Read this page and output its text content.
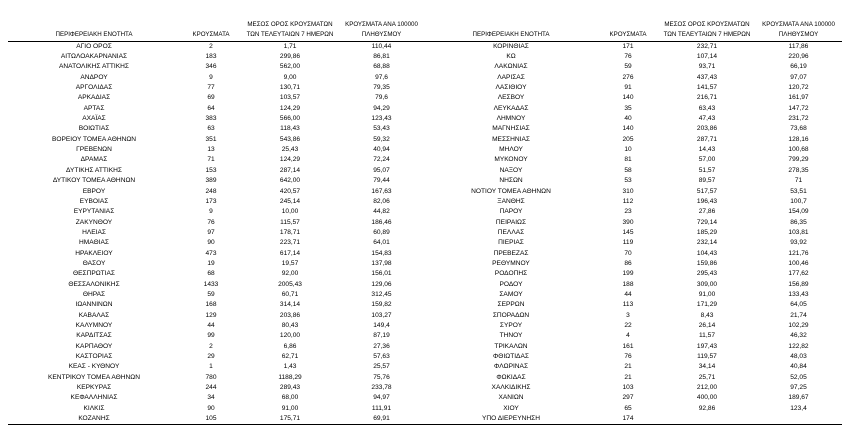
ΠΕΡΙΦΕΡΕΙΑΚΗ ΕΝΟΤΗΤΑ	ΚΡΟΥΣΜΑΤΑ	ΜΕΣΟΣ ΟΡΟΣ ΚΡΟΥΣΜΑΤΩΝ
ΤΩΝ ΤΕΛΕΥΤΑΙΩΝ 7 ΗΜΕΡΩΝ	ΚΡΟΥΣΜΑΤΑ ΑΝΑ 100000
ΠΛΗΘΥΣΜΟΥ

ΑΓΙΟ ΟΡΟΣ	2	1,71	110,44
ΑΙΤΩΛΟΑΚΑΡΝΑΝΙΑΣ	183	299,86	86,81
ΑΝΑΤΟΛΙΚΗΣ ΑΤΤΙΚΗΣ	346	562,00	68,88
ΑΝΔΡΟΥ	9	9,00	97,6
ΑΡΓΟΛΙΔΑΣ	77	130,71	79,35
ΑΡΚΑΔΙΑΣ	69	103,57	79,6
ΑΡΤΑΣ	64	124,29	94,29
ΑΧΑΪΑΣ	383	566,00	123,43
ΒΟΙΩΤΙΑΣ	63	118,43	53,43
ΒΟΡΕΙΟΥ ΤΟΜΕΑ ΑΘΗΝΩΝ	351	543,86	59,32
ΓΡΕΒΕΝΩΝ	13	25,43	40,94
ΔΡΑΜΑΣ	71	124,29	72,24
ΔΥΤΙΚΗΣ ΑΤΤΙΚΗΣ	153	287,14	95,07
ΔΥΤΙΚΟΥ ΤΟΜΕΑ ΑΘΗΝΩΝ	389	642,00	79,44
ΕΒΡΟΥ	248	420,57	167,63
ΕΥΒΟΙΑΣ	173	245,14	82,06
ΕΥΡΥΤΑΝΙΑΣ	9	10,00	44,82
ΖΑΚΥΝΘΟΥ	76	115,57	186,46
ΗΛΕΙΑΣ	97	178,71	60,89
ΗΜΑΘΙΑΣ	90	223,71	64,01
ΗΡΑΚΛΕΙΟΥ	473	617,14	154,83
ΘΑΣΟΥ	19	19,57	137,98
ΘΕΣΠΡΩΤΙΑΣ	68	92,00	156,01
ΘΕΣΣΑΛΟΝΙΚΗΣ	1433	2005,43	129,06
ΘΗΡΑΣ	59	60,71	312,45
ΙΩΑΝΝΙΝΩΝ	168	314,14	159,82
ΚΑΒΑΛΑΣ	129	203,86	103,27
ΚΑΛΥΜΝΟΥ	44	80,43	149,4
ΚΑΡΔΙΤΣΑΣ	99	120,00	87,19
ΚΑΡΠΑΘΟΥ	2	6,86	27,36
ΚΑΣΤΟΡΙΑΣ	29	62,71	57,63
ΚΕΑΣ - ΚΥΘΝΟΥ	1	1,43	25,57
ΚΕΝΤΡΙΚΟΥ ΤΟΜΕΑ ΑΘΗΝΩΝ	780	1188,29	75,76
ΚΕΡΚΥΡΑΣ	244	289,43	233,78
ΚΕΦΑΛΛΗΝΙΑΣ	34	68,00	94,97
ΚΙΛΚΙΣ	90	91,00	111,91
ΚΟΖΑΝΗΣ	105	175,71	69,91
ΠΕΡΙΦΕΡΕΙΑΚΗ ΕΝΟΤΗΤΑ	ΚΡΟΥΣΜΑΤΑ	ΜΕΣΟΣ ΟΡΟΣ ΚΡΟΥΣΜΑΤΩΝ
ΤΩΝ ΤΕΛΕΥΤΑΙΩΝ 7 ΗΜΕΡΩΝ	ΚΡΟΥΣΜΑΤΑ ΑΝΑ 100000
ΠΛΗΘΥΣΜΟΥ

ΚΟΡΙΝΘΙΑΣ	171	232,71	117,86
ΚΩ	76	107,14	220,96
ΛΑΚΩΝΙΑΣ	59	93,71	66,19
ΛΑΡΙΣΑΣ	276	437,43	97,07
ΛΑΣΙΘΙΟΥ	91	141,57	120,72
ΛΕΣΒΟΥ	140	216,71	161,97
ΛΕΥΚΑΔΑΣ	35	63,43	147,72
ΛΗΜΝΟΥ	40	47,43	231,72
ΜΑΓΝΗΣΙΑΣ	140	203,86	73,68
ΜΕΣΣΗΝΙΑΣ	205	287,71	128,16
ΜΗΛΟΥ	10	14,43	100,68
ΜΥΚΟΝΟΥ	81	57,00	799,29
ΝΑΞΟΥ	58	51,57	278,35
ΝΗΣΩΝ	53	89,57	71
ΝΟΤΙΟΥ ΤΟΜΕΑ ΑΘΗΝΩΝ	310	517,57	53,51
ΞΑΝΘΗΣ	112	196,43	100,7
ΠΑΡΟΥ	23	27,86	154,09
ΠΕΙΡΑΙΩΣ	390	729,14	86,35
ΠΕΛΛΑΣ	145	185,29	103,81
ΠΙΕΡΙΑΣ	119	232,14	93,92
ΠΡΕΒΕΖΑΣ	70	104,43	121,76
ΡΕΘΥΜΝΟΥ	86	159,86	100,46
ΡΟΔΟΠΗΣ	199	295,43	177,62
ΡΟΔΟΥ	188	309,00	156,89
ΣΑΜΟΥ	44	91,00	133,43
ΣΕΡΡΩΝ	113	171,29	64,05
ΣΠΟΡΑΔΩΝ	3	8,43	21,74
ΣΥΡΟΥ	22	26,14	102,29
ΤΗΝΟΥ	4	11,57	46,32
ΤΡΙΚΑΛΩΝ	161	197,43	122,82
ΦΘΙΩΤΙΔΑΣ	76	119,57	48,03
ΦΛΩΡΙΝΑΣ	21	34,14	40,84
ΦΩΚΙΔΑΣ	21	25,71	52,05
ΧΑΛΚΙΔΙΚΗΣ	103	212,00	97,25
ΧΑΝΙΩΝ	297	400,00	189,67
ΧΙΟΥ	65	92,86	123,4
ΥΠΟ ΔΙΕΡΕΥΝΗΣΗ	174		
